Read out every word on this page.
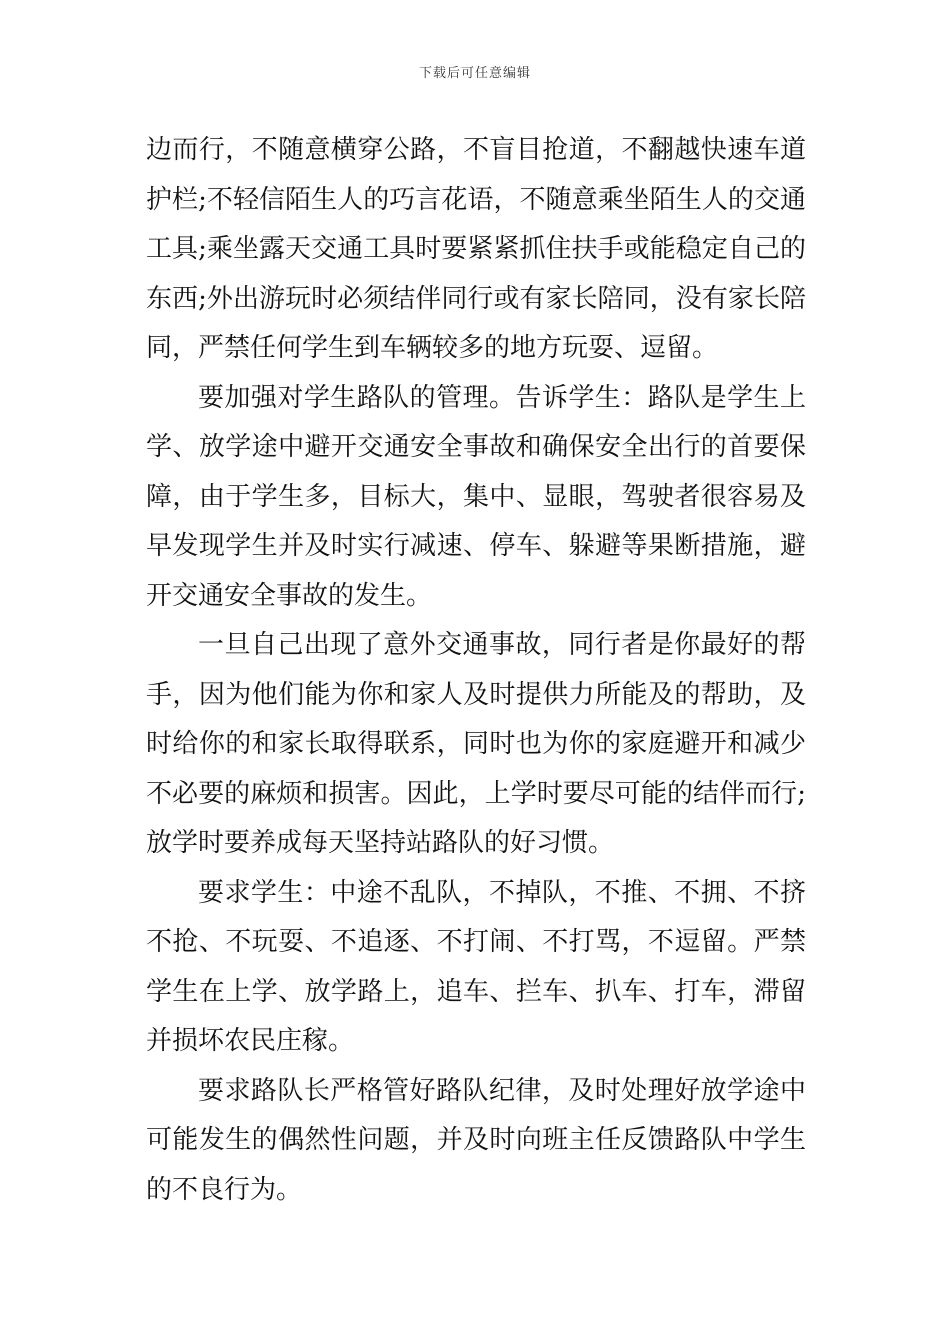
下载后可任意编辑

边而行，不随意横穿公路，不盲目抢道，不翻越快速车道护栏;不轻信陌生人的巧言花语，不随意乘坐陌生人的交通工具;乘坐露天交通工具时要紧紧抓住扶手或能稳定自己的东西;外出游玩时必须结伴同行或有家长陪同，没有家长陪同，严禁任何学生到车辆较多的地方玩耍、逗留。

要加强对学生路队的管理。告诉学生：路队是学生上学、放学途中避开交通安全事故和确保安全出行的首要保障，由于学生多，目标大，集中、显眼，驾驶者很容易及早发现学生并及时实行减速、停车、躲避等果断措施，避开交通安全事故的发生。

一旦自己出现了意外交通事故，同行者是你最好的帮手，因为他们能为你和家人及时提供力所能及的帮助，及时给你的和家长取得联系，同时也为你的家庭避开和减少不必要的麻烦和损害。因此，上学时要尽可能的结伴而行;放学时要养成每天坚持站路队的好习惯。

要求学生：中途不乱队，不掉队，不推、不拥、不挤不抢、不玩耍、不追逐、不打闹、不打骂，不逗留。严禁学生在上学、放学路上，追车、拦车、扒车、打车，滞留并损坏农民庄稼。

要求路队长严格管好路队纪律，及时处理好放学途中可能发生的偶然性问题，并及时向班主任反馈路队中学生的不良行为。
